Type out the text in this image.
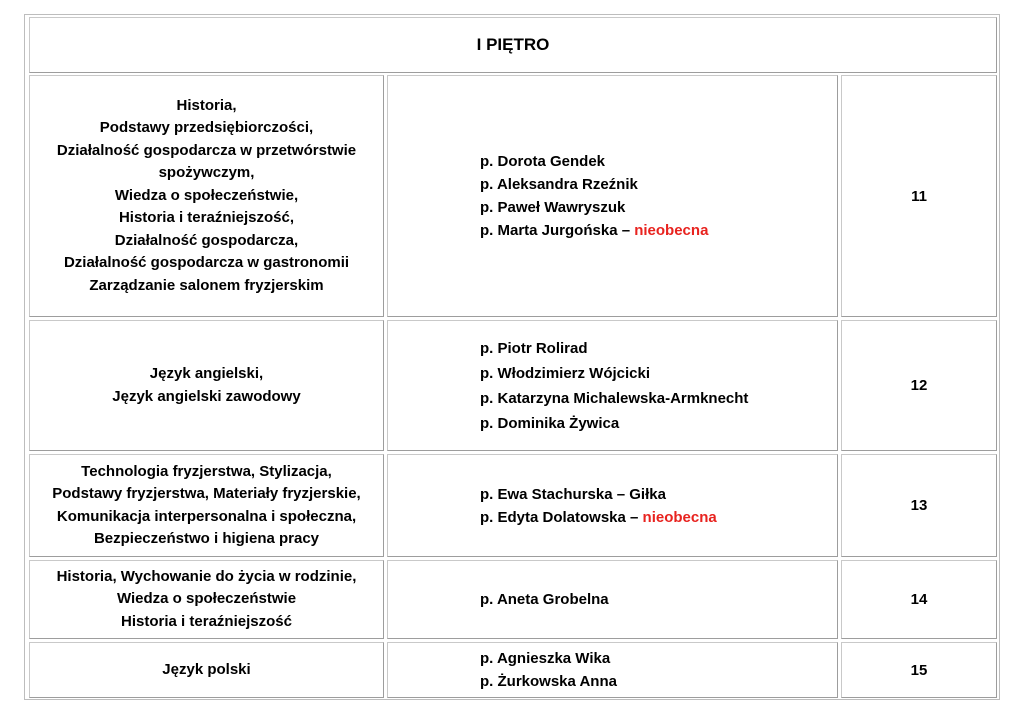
I PIĘTRO
Historia,
Podstawy przedsiębiorczości,
Działalność gospodarcza w przetwórstwie
spożywczym,
Wiedza o społeczeństwie,
Historia i teraźniejszość,
Działalność gospodarcza,
Działalność gospodarcza w gastronomii
Zarządzanie salonem fryzjerskim
p. Dorota Gendek
p. Aleksandra Rzeźnik
p. Paweł Wawryszuk
p. Marta Jurgońska – nieobecna
11
Język angielski,
Język angielski zawodowy
p. Piotr Rolirad
p. Włodzimierz Wójcicki
p. Katarzyna Michalewska-Armknecht
p. Dominika Żywica
12
Technologia fryzjerstwa, Stylizacja,
Podstawy fryzjerstwa, Materiały fryzjerskie,
Komunikacja interpersonalna i społeczna,
Bezpieczeństwo i higiena pracy
p. Ewa Stachurska – Giłka
p. Edyta Dolatowska – nieobecna
13
Historia, Wychowanie do życia w rodzinie,
Wiedza o społeczeństwie
Historia i teraźniejszość
p. Aneta Grobelna	14
Język polski
p. Agnieszka Wika
p. Żurkowska Anna
15
